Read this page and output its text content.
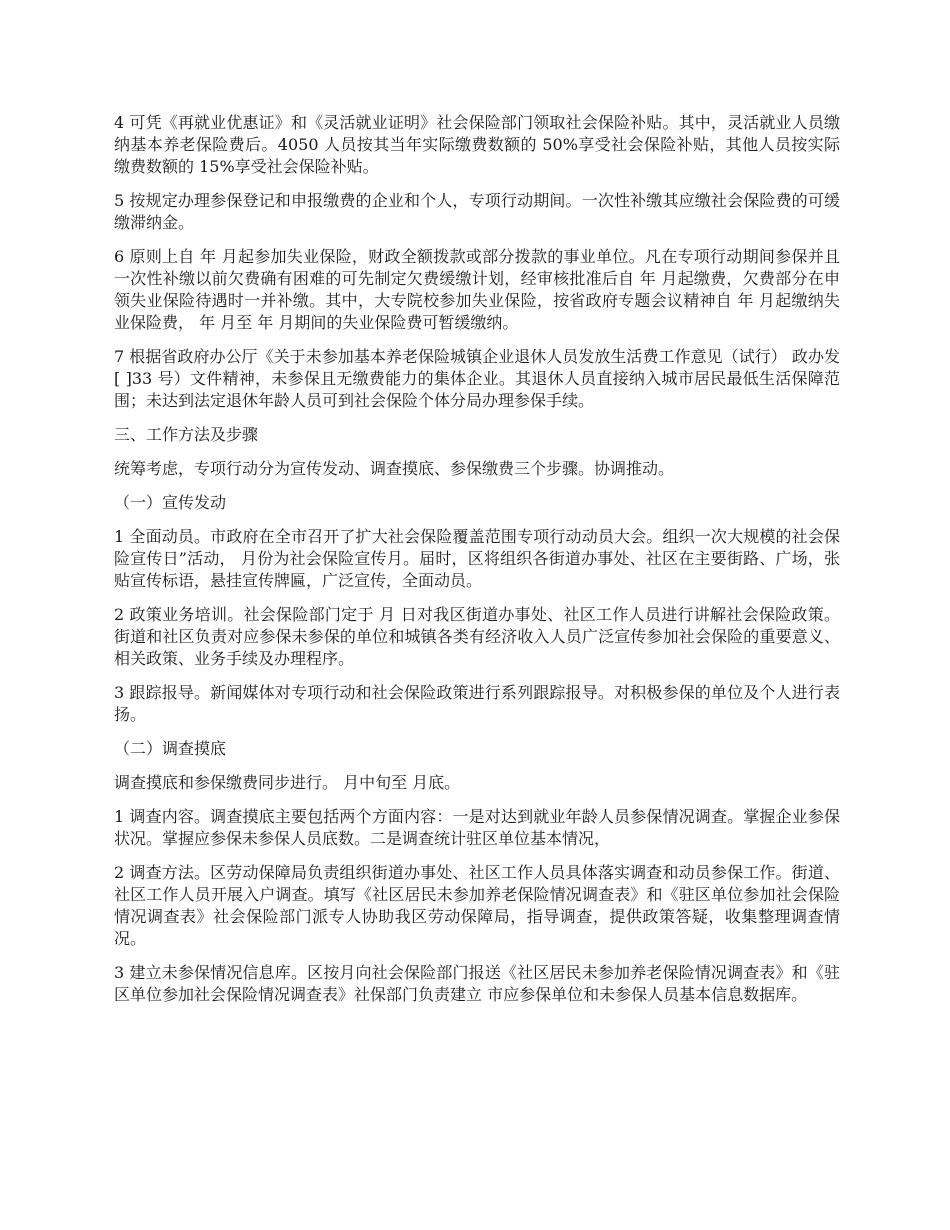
4 可凭《再就业优惠证》和《灵活就业证明》社会保险部门领取社会保险补贴。其中，灵活就业人员缴纳基本养老保险费后。4050 人员按其当年实际缴费数额的 50%享受社会保险补贴，其他人员按实际缴费数额的 15%享受社会保险补贴。

5 按规定办理参保登记和申报缴费的企业和个人，专项行动期间。一次性补缴其应缴社会保险费的可缓缴滞纳金。

6 原则上自 年 月起参加失业保险，财政全额拨款或部分拨款的事业单位。凡在专项行动期间参保并且一次性补缴以前欠费确有困难的可先制定欠费缓缴计划，经审核批准后自 年 月起缴费，欠费部分在申领失业保险待遇时一并补缴。其中，大专院校参加失业保险，按省政府专题会议精神自 年 月起缴纳失业保险费， 年 月至 年 月期间的失业保险费可暂缓缴纳。

7 根据省政府办公厅《关于未参加基本养老保险城镇企业退休人员发放生活费工作意见（试行） 政办发[ ]33 号）文件精神，未参保且无缴费能力的集体企业。其退休人员直接纳入城市居民最低生活保障范围；未达到法定退休年龄人员可到社会保险个体分局办理参保手续。

三、工作方法及步骤

统筹考虑，专项行动分为宣传发动、调查摸底、参保缴费三个步骤。协调推动。

（一）宣传发动

1 全面动员。市政府在全市召开了扩大社会保险覆盖范围专项行动动员大会。组织一次大规模的社会保险宣传日”活动， 月份为社会保险宣传月。届时，区将组织各街道办事处、社区在主要街路、广场，张贴宣传标语，悬挂宣传牌匾，广泛宣传，全面动员。

2 政策业务培训。社会保险部门定于 月 日对我区街道办事处、社区工作人员进行讲解社会保险政策。街道和社区负责对应参保未参保的单位和城镇各类有经济收入人员广泛宣传参加社会保险的重要意义、相关政策、业务手续及办理程序。

3 跟踪报导。新闻媒体对专项行动和社会保险政策进行系列跟踪报导。对积极参保的单位及个人进行表扬。

（二）调查摸底

调查摸底和参保缴费同步进行。 月中旬至 月底。

1 调查内容。调查摸底主要包括两个方面内容：一是对达到就业年龄人员参保情况调查。掌握企业参保状况。掌握应参保未参保人员底数。二是调查统计驻区单位基本情况，

2 调查方法。区劳动保障局负责组织街道办事处、社区工作人员具体落实调查和动员参保工作。街道、社区工作人员开展入户调查。填写《社区居民未参加养老保险情况调查表》和《驻区单位参加社会保险情况调查表》社会保险部门派专人协助我区劳动保障局，指导调查，提供政策答疑，收集整理调查情况。

3 建立未参保情况信息库。区按月向社会保险部门报送《社区居民未参加养老保险情况调查表》和《驻区单位参加社会保险情况调查表》社保部门负责建立 市应参保单位和未参保人员基本信息数据库。
